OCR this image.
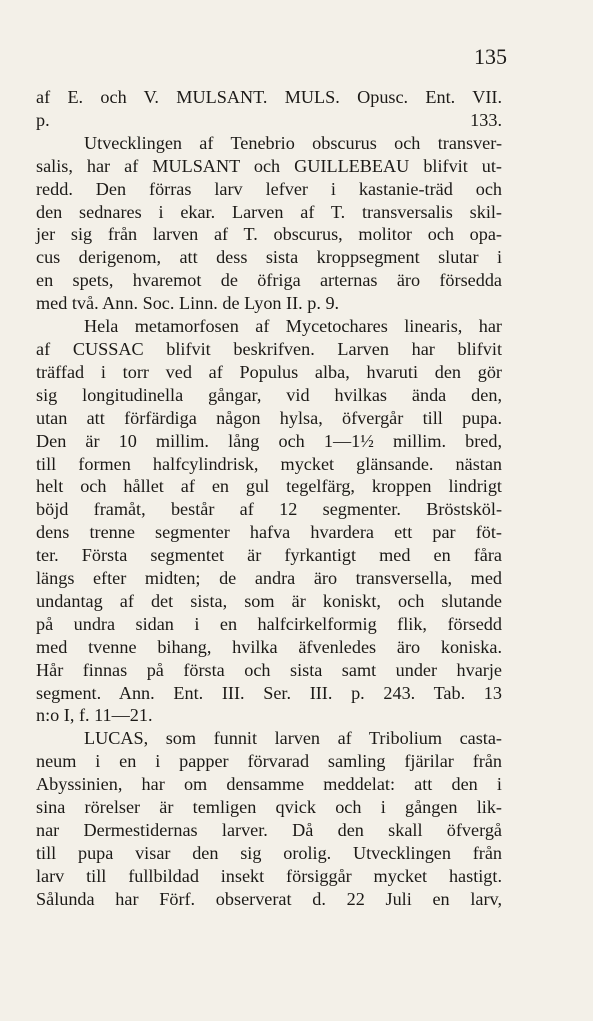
135
af E. och V. MULSANT. MULS. Opusc. Ent. VII.
p. 133.
Utvecklingen af Tenebrio obscurus och transver-
salis, har af MULSANT och GUILLEBEAU blifvit ut-
redd. Den förras larv lefver i kastanie-träd och
den sednares i ekar. Larven af T. transversalis skil-
jer sig från larven af T. obscurus, molitor och opa-
cus derigenom, att dess sista kroppsegment slutar i
en spets, hvaremot de öfriga arternas äro försedda
med två. Ann. Soc. Linn. de Lyon II. p. 9.
Hela metamorfosen af Mycetochares linearis, har
af CUSSAC blifvit beskrifven. Larven har blifvit
träffad i torr ved af Populus alba, hvaruti den gör
sig longitudinella gångar, vid hvilkas ända den,
utan att förfärdiga någon hylsa, öfvergår till pupa.
Den är 10 millim. lång och 1—1½ millim. bred,
till formen halfcylindrisk, mycket glänsande. nästan
helt och hållet af en gul tegelfärg, kroppen lindrigt
böjd framåt, består af 12 segmenter. Bröstsköl-
dens trenne segmenter hafva hvardera ett par föt-
ter. Första segmentet är fyrkantigt med en fåra
längs efter midten; de andra äro transversella, med
undantag af det sista, som är koniskt, och slutande
på undra sidan i en halfcirkelformig flik, försedd
med tvenne bihang, hvilka äfvenledes äro koniska.
Hår finnas på första och sista samt under hvarje
segment. Ann. Ent. III. Ser. III. p. 243. Tab. 13
n:o I, f. 11—21.
LUCAS, som funnit larven af Tribolium casta-
neum i en i papper förvarad samling fjärilar från
Abyssinien, har om densamme meddelat: att den i
sina rörelser är temligen qvick och i gången lik-
nar Dermestidernas larver. Då den skall öfvergå
till pupa visar den sig orolig. Utvecklingen från
larv till fullbildad insekt försiggår mycket hastigt.
Sålunda har Förf. observerat d. 22 Juli en larv,
